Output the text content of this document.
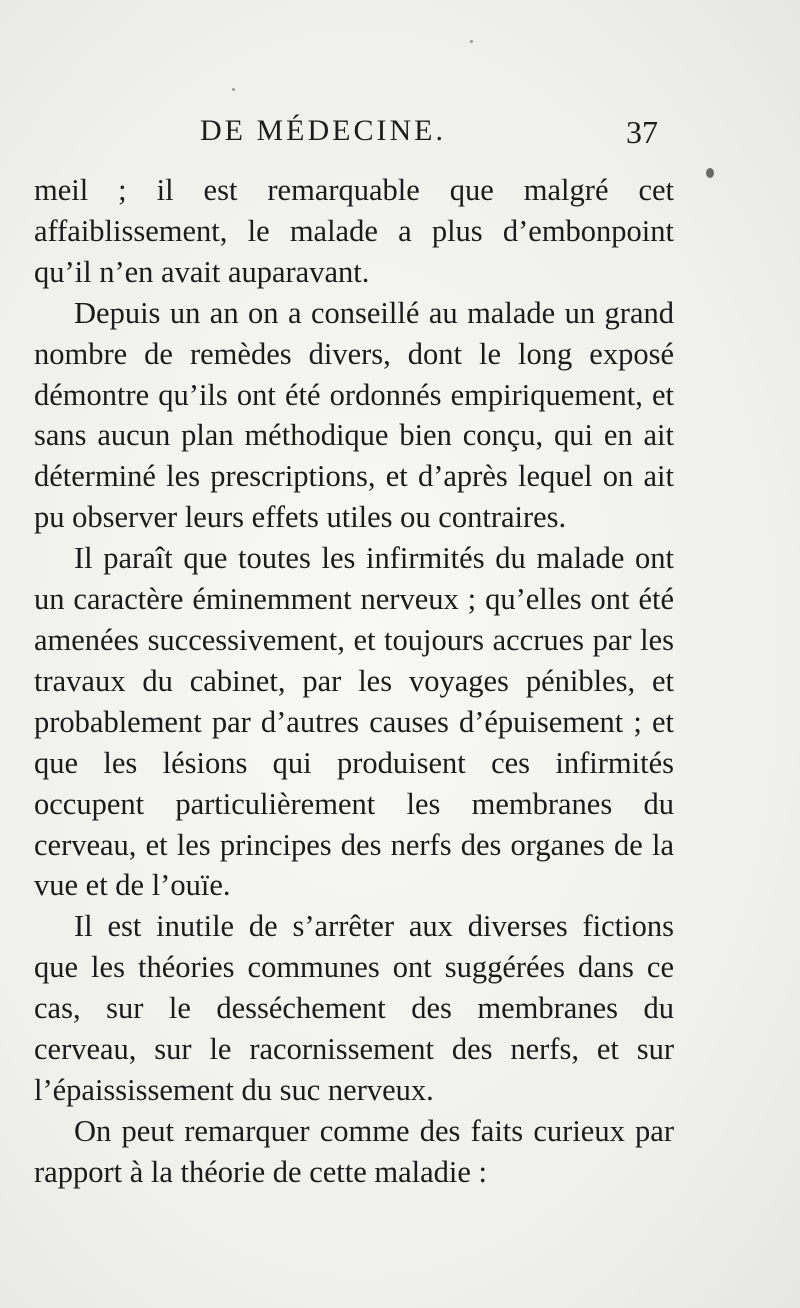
DE MÉDECINE.	37

meil ; il est remarquable que malgré cet affaiblissement, le malade a plus d’embonpoint qu’il n’en avait auparavant.

Depuis un an on a conseillé au malade un grand nombre de remèdes divers, dont le long exposé démontre qu’ils ont été ordonnés empiriquement, et sans aucun plan méthodique bien conçu, qui en ait déterminé les prescriptions, et d’après lequel on ait pu observer leurs effets utiles ou contraires.

Il paraît que toutes les infirmités du malade ont un caractère éminemment nerveux ; qu’elles ont été amenées successivement, et toujours accrues par les travaux du cabinet, par les voyages pénibles, et probablement par d’autres causes d’épuisement ; et que les lésions qui produisent ces infirmités occupent particulièrement les membranes du cerveau, et les principes des nerfs des organes de la vue et de l’ouïe.

Il est inutile de s’arrêter aux diverses fictions que les théories communes ont suggérées dans ce cas, sur le desséchement des membranes du cerveau, sur le racornissement des nerfs, et sur l’épaississement du suc nerveux.

On peut remarquer comme des faits curieux par rapport à la théorie de cette maladie :
